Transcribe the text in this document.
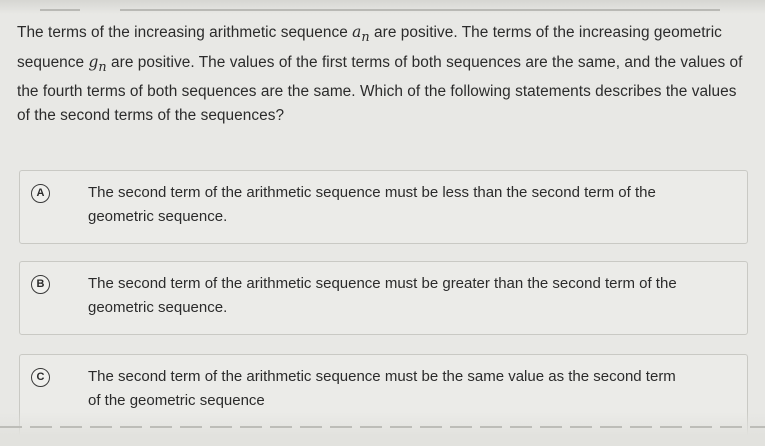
The terms of the increasing arithmetic sequence $a_n$ are positive. The terms of the increasing geometric sequence $g_n$ are positive. The values of the first terms of both sequences are the same, and the values of the fourth terms of both sequences are the same. Which of the following statements describes the values of the second terms of the sequences?
A	The second term of the arithmetic sequence must be less than the second term of the geometric sequence.
B	The second term of the arithmetic sequence must be greater than the second term of the geometric sequence.
C	The second term of the arithmetic sequence must be the same value as the second term of the geometric sequence
